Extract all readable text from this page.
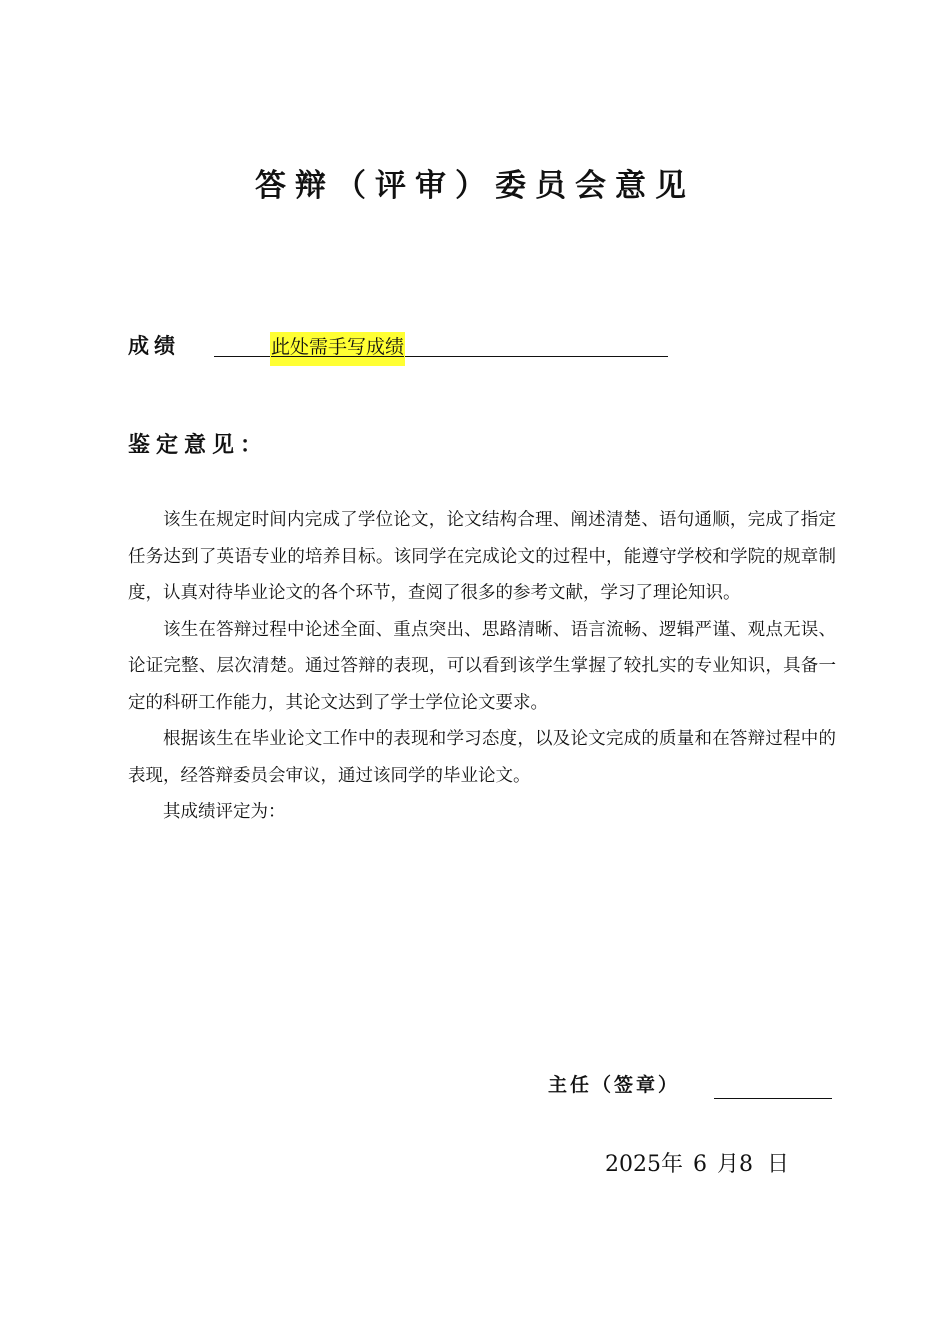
答辩（评审）委员会意见
成绩	此处需手写成绩
鉴定意见：

该生在规定时间内完成了学位论文，论文结构合理、阐述清楚、语句通顺，完成了指定任务达到了英语专业的培养目标。该同学在完成论文的过程中，能遵守学校和学院的规章制度，认真对待毕业论文的各个环节，查阅了很多的参考文献，学习了理论知识。

该生在答辩过程中论述全面、重点突出、思路清晰、语言流畅、逻辑严谨、观点无误、论证完整、层次清楚。通过答辩的表现，可以看到该学生掌握了较扎实的专业知识，具备一定的科研工作能力，其论文达到了学士学位论文要求。

根据该生在毕业论文工作中的表现和学习态度，以及论文完成的质量和在答辩过程中的表现，经答辩委员会审议，通过该同学的毕业论文。

其成绩评定为：

主任（签章）
2025年 6 月8 日
